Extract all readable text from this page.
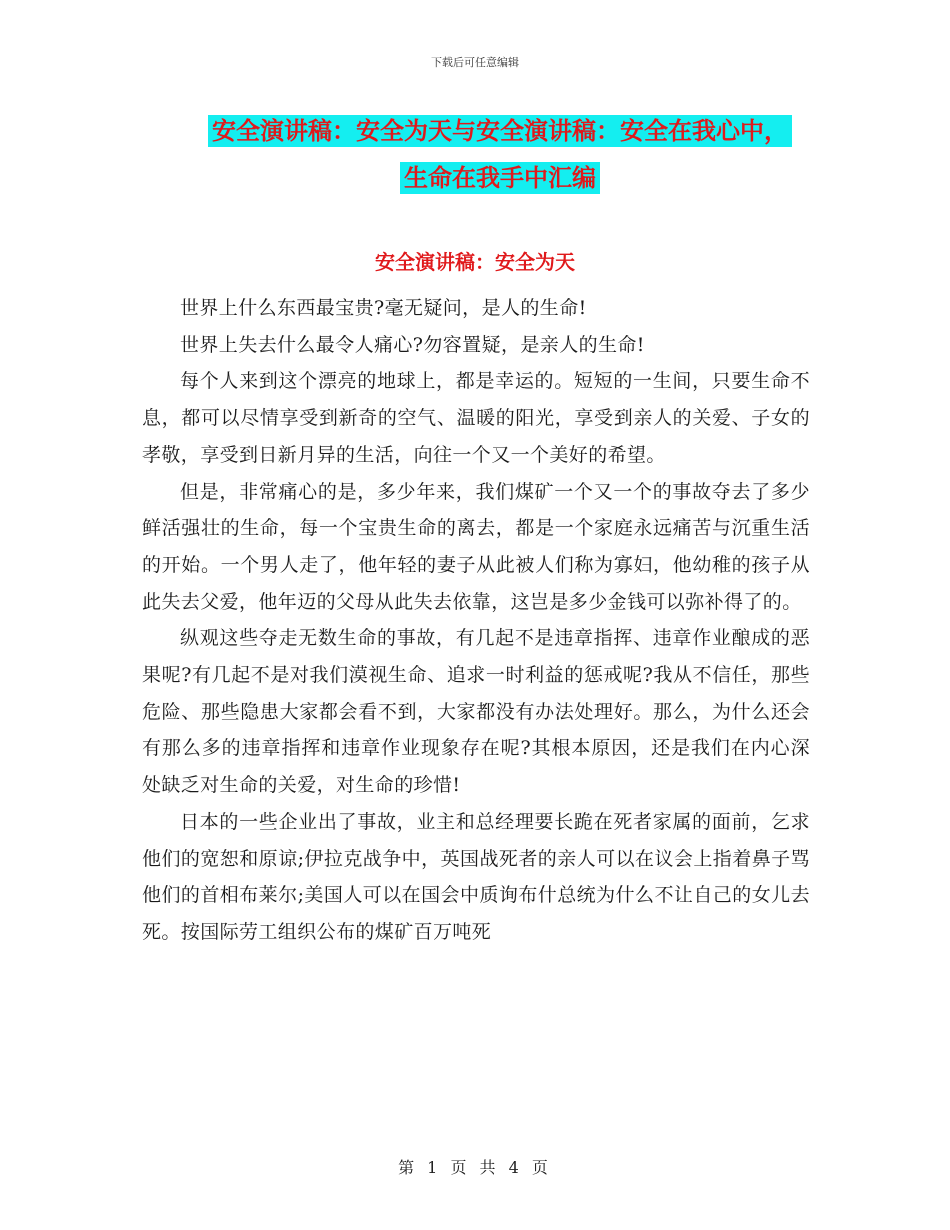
下载后可任意编辑
安全演讲稿：安全为天与安全演讲稿：安全在我心中，
生命在我手中汇编
安全演讲稿：安全为天

世界上什么东西最宝贵?毫无疑问，是人的生命!

世界上失去什么最令人痛心?勿容置疑，是亲人的生命!

每个人来到这个漂亮的地球上，都是幸运的。短短的一生间，只要生命不息，都可以尽情享受到新奇的空气、温暖的阳光，享受到亲人的关爱、子女的孝敬，享受到日新月异的生活，向往一个又一个美好的希望。

但是，非常痛心的是，多少年来，我们煤矿一个又一个的事故夺去了多少鲜活强壮的生命，每一个宝贵生命的离去，都是一个家庭永远痛苦与沉重生活的开始。一个男人走了，他年轻的妻子从此被人们称为寡妇，他幼稚的孩子从此失去父爱，他年迈的父母从此失去依靠，这岂是多少金钱可以弥补得了的。

纵观这些夺走无数生命的事故，有几起不是违章指挥、违章作业酿成的恶果呢?有几起不是对我们漠视生命、追求一时利益的惩戒呢?我从不信任，那些危险、那些隐患大家都会看不到，大家都没有办法处理好。那么，为什么还会有那么多的违章指挥和违章作业现象存在呢?其根本原因，还是我们在内心深处缺乏对生命的关爱，对生命的珍惜!

日本的一些企业出了事故，业主和总经理要长跪在死者家属的面前，乞求他们的宽恕和原谅;伊拉克战争中，英国战死者的亲人可以在议会上指着鼻子骂他们的首相布莱尔;美国人可以在国会中质询布什总统为什么不让自己的女儿去死。按国际劳工组织公布的煤矿百万吨死

第 1 页 共 4 页
